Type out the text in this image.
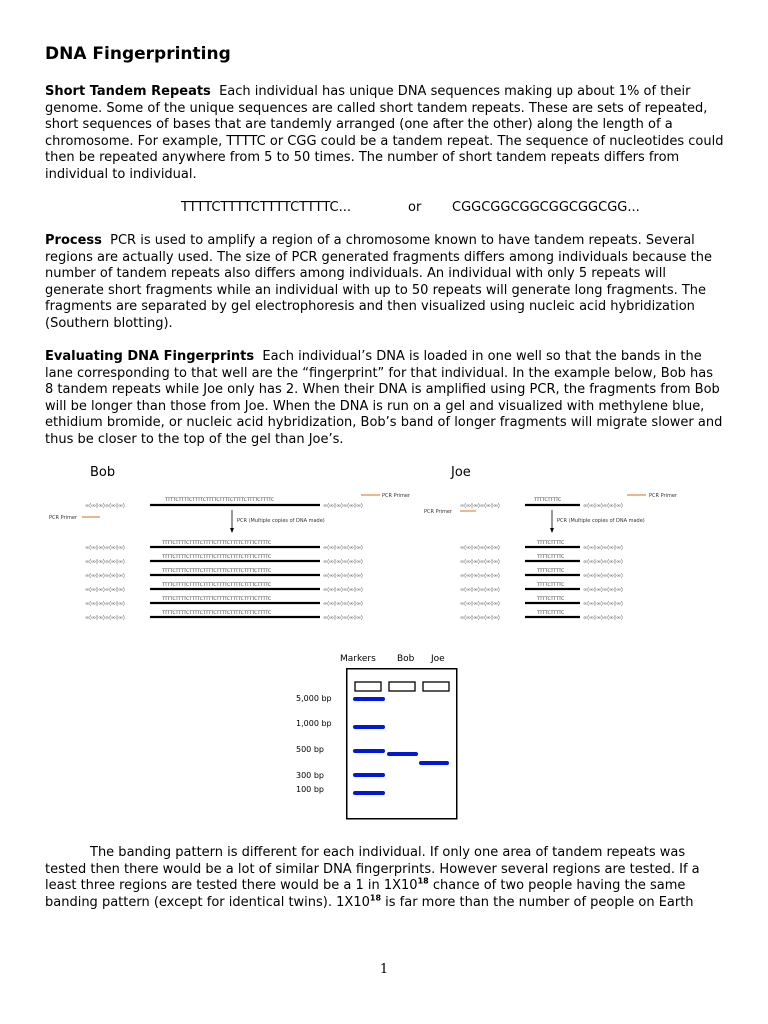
DNA Fingerprinting

Short Tandem Repeats Each individual has unique DNA sequences making up about 1% of their genome. Some of the unique sequences are called short tandem repeats. These are sets of repeated, short sequences of bases that are tandemly arranged (one after the other) along the length of a chromosome. For example, TTTTC or CGG could be a tandem repeat. The sequence of nucleotides could then be repeated anywhere from 5 to 50 times. The number of short tandem repeats differs from individual to individual.

TTTTCTTTTCTTTTCTTTTC...	or CGGCGGCGGCGGCGGCGG...

Process PCR is used to amplify a region of a chromosome known to have tandem repeats. Several regions are actually used. The size of PCR generated fragments differs among individuals because the number of tandem repeats also differs among individuals. An individual with only 5 repeats will generate short fragments while an individual with up to 50 repeats will generate long fragments. The fragments are separated by gel electrophoresis and then visualized using nucleic acid hybridization (Southern blotting).

Evaluating DNA Fingerprints Each individual’s DNA is loaded in one well so that the bands in the lane corresponding to that well are the “fingerprint” for that individual. In the example below, Bob has 8 tandem repeats while Joe only has 2. When their DNA is amplified using PCR, the fragments from Bob will be longer than those from Joe. When the DNA is run on a gel and visualized with methylene blue, ethidium bromide, or nucleic acid hybridization, Bob’s band of longer fragments will migrate slower and thus be closer to the top of the gel than Joe’s.

Bob	Joe
∞◊∞◊∞◊∞◊∞◊∞◊
TTTTCTTTTCTTTTCTTTTCTTTTCTTTTCTTTTCTTTTC
∞◊∞◊∞◊∞◊∞◊∞◊
PCR Primer
PCR Primer	PCR (Multiple copies of DNA made)
∞◊∞◊∞◊∞◊∞◊∞◊
TTTTCTTTTCTTTTCTTTTCTTTTCTTTTCTTTTCTTTTC
∞◊∞◊∞◊∞◊∞◊∞◊
∞◊∞◊∞◊∞◊∞◊∞◊
TTTTCTTTTCTTTTCTTTTCTTTTCTTTTCTTTTCTTTTC
∞◊∞◊∞◊∞◊∞◊∞◊
∞◊∞◊∞◊∞◊∞◊∞◊
TTTTCTTTTCTTTTCTTTTCTTTTCTTTTCTTTTCTTTTC
∞◊∞◊∞◊∞◊∞◊∞◊
∞◊∞◊∞◊∞◊∞◊∞◊
TTTTCTTTTCTTTTCTTTTCTTTTCTTTTCTTTTCTTTTC
∞◊∞◊∞◊∞◊∞◊∞◊
∞◊∞◊∞◊∞◊∞◊∞◊
TTTTCTTTTCTTTTCTTTTCTTTTCTTTTCTTTTCTTTTC
∞◊∞◊∞◊∞◊∞◊∞◊
∞◊∞◊∞◊∞◊∞◊∞◊
TTTTCTTTTCTTTTCTTTTCTTTTCTTTTCTTTTCTTTTC
∞◊∞◊∞◊∞◊∞◊∞◊
∞◊∞◊∞◊∞◊∞◊∞◊
TTTTCTTTTC
∞◊∞◊∞◊∞◊∞◊∞◊
PCR Primer
PCR Primer
PCR (Multiple copies of DNA made)
∞◊∞◊∞◊∞◊∞◊∞◊
TTTTCTTTTC
∞◊∞◊∞◊∞◊∞◊∞◊
∞◊∞◊∞◊∞◊∞◊∞◊
TTTTCTTTTC
∞◊∞◊∞◊∞◊∞◊∞◊
∞◊∞◊∞◊∞◊∞◊∞◊
TTTTCTTTTC
∞◊∞◊∞◊∞◊∞◊∞◊
∞◊∞◊∞◊∞◊∞◊∞◊
TTTTCTTTTC
∞◊∞◊∞◊∞◊∞◊∞◊
∞◊∞◊∞◊∞◊∞◊∞◊
TTTTCTTTTC
∞◊∞◊∞◊∞◊∞◊∞◊
∞◊∞◊∞◊∞◊∞◊∞◊
TTTTCTTTTC
∞◊∞◊∞◊∞◊∞◊∞◊
Markers Bob Joe
5,000 bp
1,000 bp
500 bp
300 bp
100 bp

The banding pattern is different for each individual. If only one area of tandem repeats was tested then there would be a lot of similar DNA fingerprints. However several regions are tested. If a least three regions are tested there would be a 1 in $1X10^{18}$ chance of two people having the same banding pattern (except for identical twins). $1X10^{18}$ is far more than the number of people on Earth

1
